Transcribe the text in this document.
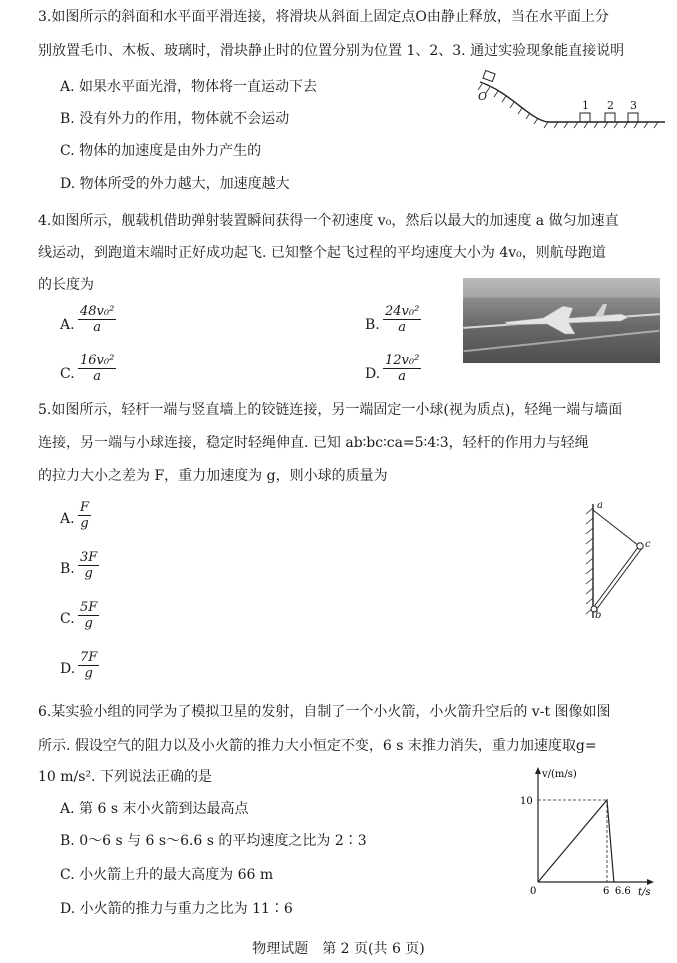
3.如图所示的斜面和水平面平滑连接，将滑块从斜面上固定点O由静止释放，当在水平面上分
别放置毛巾、木板、玻璃时，滑块静止时的位置分别为位置 1、2、3. 通过实验现象能直接说明
A. 如果水平面光滑，物体将一直运动下去
B. 没有外力的作用，物体就不会运动
C. 物体的加速度是由外力产生的
D. 物体所受的外力越大，加速度越大
O
1 2 3
4.如图所示，舰载机借助弹射装置瞬间获得一个初速度 v₀，然后以最大的加速度 a 做匀加速直
线运动，到跑道末端时正好成功起飞. 已知整个起飞过程的平均速度大小为 4v₀，则航母跑道
的长度为
A. $\frac{\text{48v₀²}}{a}$	B. $\frac{\text{24v₀²}}{a}$
C. $\frac{\text{16v₀²}}{a}$	D. $\frac{\text{12v₀²}}{a}$
5.如图所示，轻杆一端与竖直墙上的铰链连接，另一端固定一小球(视为质点)，轻绳一端与墙面
连接，另一端与小球连接，稳定时轻绳伸直. 已知 ab∶bc∶ca=5∶4∶3，轻杆的作用力与轻绳
的拉力大小之差为 F，重力加速度为 g，则小球的质量为
A. $\frac{F}{g}$
B. $\frac{3F}{g}$
C. $\frac{5F}{g}$
D. $\frac{7F}{g}$
a
b
c
6.某实验小组的同学为了模拟卫星的发射，自制了一个小火箭，小火箭升空后的 v-t 图像如图
所示. 假设空气的阻力以及小火箭的推力大小恒定不变，6 s 末推力消失，重力加速度取g=
10 m/s². 下列说法正确的是
A. 第 6 s 末小火箭到达最高点
B. 0～6 s 与 6 s～6.6 s 的平均速度之比为 2∶3
C. 小火箭上升的最大高度为 66 m
D. 小火箭的推力与重力之比为 11∶6
v/(m/s)
t/s
0
10
6 6.6
物理试题　第 2 页(共 6 页)
